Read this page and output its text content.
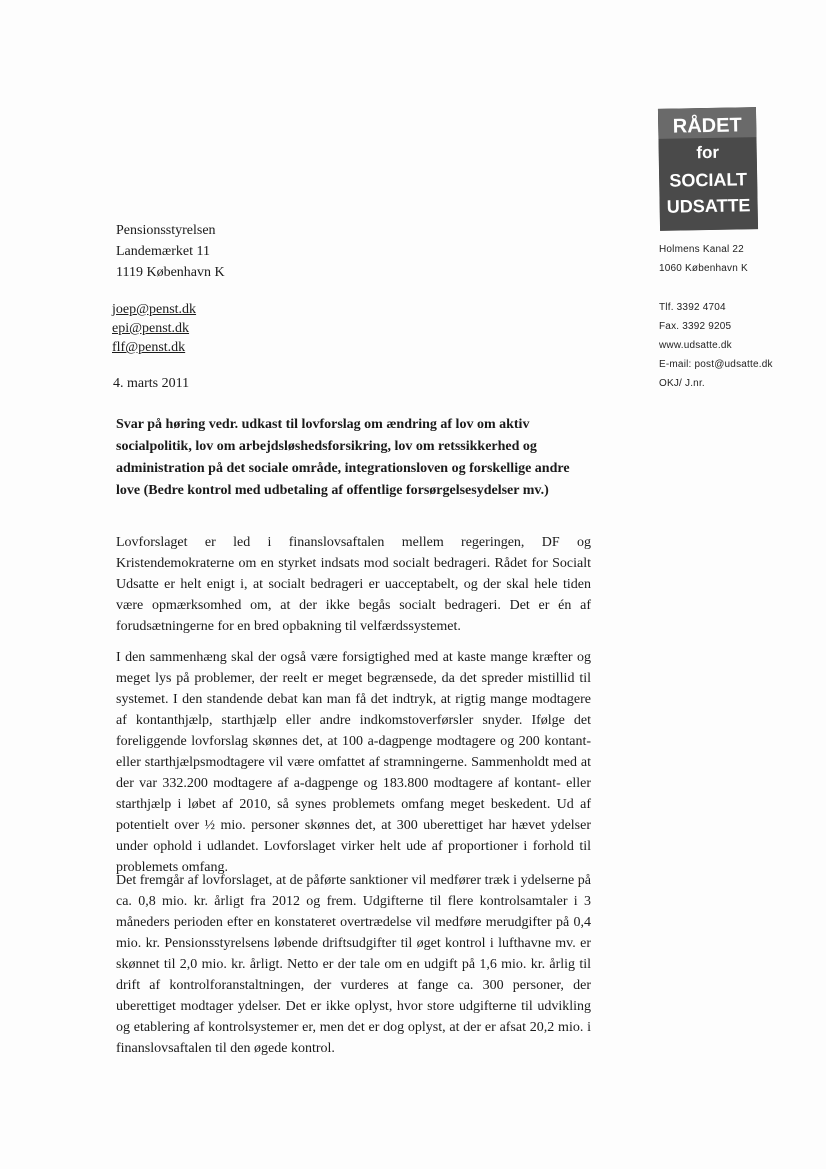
RÅDET
for
SOCIALT
UDSATTE
Holmens Kanal 22
1060 København K
Tlf. 3392 4704
Fax. 3392 9205
www.udsatte.dk
E-mail: post@udsatte.dk
OKJ/ J.nr.
Pensionsstyrelsen
Landemærket 11
1119 København K
joep@penst.dk
epi@penst.dk
flf@penst.dk
4. marts 2011
Svar på høring vedr. udkast til lovforslag om ændring af lov om aktiv socialpolitik, lov om arbejdsløshedsforsikring, lov om retssikkerhed og administration på det sociale område, integrationsloven og forskellige andre love (Bedre kontrol med udbetaling af offentlige forsørgelsesydelser mv.)
Lovforslaget er led i finanslovsaftalen mellem regeringen, DF og Kristendemokraterne om en styrket indsats mod socialt bedrageri. Rådet for Socialt Udsatte er helt enigt i, at socialt bedrageri er uacceptabelt, og der skal hele tiden være opmærksomhed om, at der ikke begås socialt bedrageri. Det er én af forudsætningerne for en bred opbakning til velfærdssystemet.
I den sammenhæng skal der også være forsigtighed med at kaste mange kræfter og meget lys på problemer, der reelt er meget begrænsede, da det spreder mistillid til systemet. I den standende debat kan man få det indtryk, at rigtig mange modtagere af kontanthjælp, starthjælp eller andre indkomstoverførsler snyder. Ifølge det foreliggende lovforslag skønnes det, at 100 a-dagpenge modtagere og 200 kontant- eller starthjælpsmodtagere vil være omfattet af stramningerne. Sammenholdt med at der var 332.200 modtagere af a-dagpenge og 183.800 modtagere af kontant- eller starthjælp i løbet af 2010, så synes problemets omfang meget beskedent. Ud af potentielt over ½ mio. personer skønnes det, at 300 uberettiget har hævet ydelser under ophold i udlandet. Lovforslaget virker helt ude af proportioner i forhold til problemets omfang.
Det fremgår af lovforslaget, at de påførte sanktioner vil medfører træk i ydelserne på ca. 0,8 mio. kr. årligt fra 2012 og frem. Udgifterne til flere kontrolsamtaler i 3 måneders perioden efter en konstateret overtrædelse vil medføre merudgifter på 0,4 mio. kr. Pensionsstyrelsens løbende driftsudgifter til øget kontrol i lufthavne mv. er skønnet til 2,0 mio. kr. årligt. Netto er der tale om en udgift på 1,6 mio. kr. årlig til drift af kontrolforanstaltningen, der vurderes at fange ca. 300 personer, der uberettiget modtager ydelser. Det er ikke oplyst, hvor store udgifterne til udvikling og etablering af kontrolsystemer er, men det er dog oplyst, at der er afsat 20,2 mio. i finanslovsaftalen til den øgede kontrol.
